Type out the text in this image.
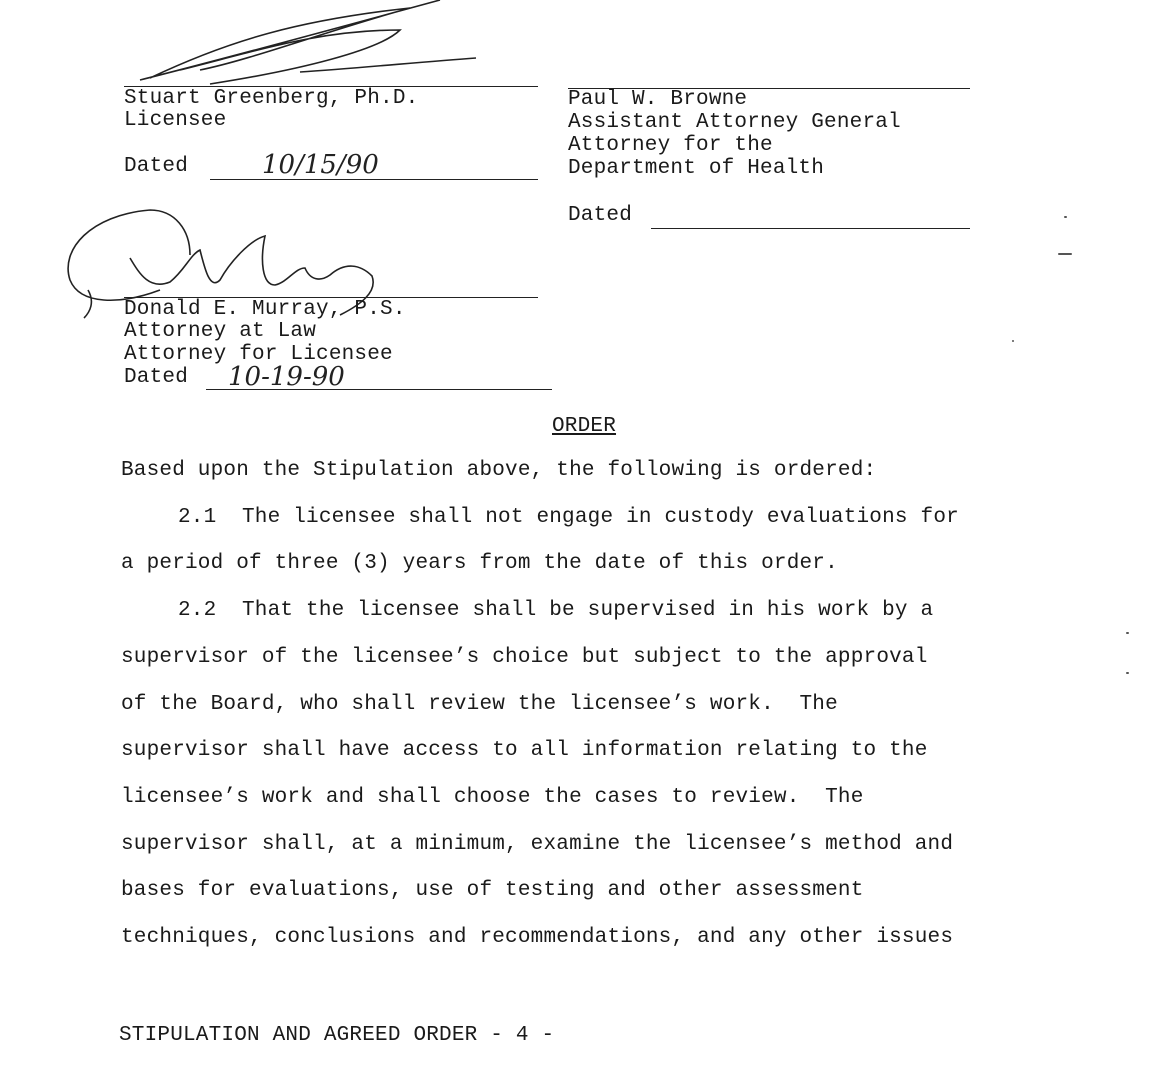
Stuart Greenberg, Ph.D.
Licensee
Dated	10/15/90
Paul W. Browne
Assistant Attorney General
Attorney for the
Department of Health
Dated
Donald E. Murray, P.S.
Attorney at Law
Attorney for Licensee
Dated 10-19-90
ORDER

Based upon the Stipulation above, the following is ordered:

2.1  The licensee shall not engage in custody evaluations for

a period of three (3) years from the date of this order.

2.2  That the licensee shall be supervised in his work by a

supervisor of the licensee’s choice but subject to the approval

of the Board, who shall review the licensee’s work.  The

supervisor shall have access to all information relating to the

licensee’s work and shall choose the cases to review.  The

supervisor shall, at a minimum, examine the licensee’s method and

bases for evaluations, use of testing and other assessment

techniques, conclusions and recommendations, and any other issues

STIPULATION AND AGREED ORDER - 4 -
